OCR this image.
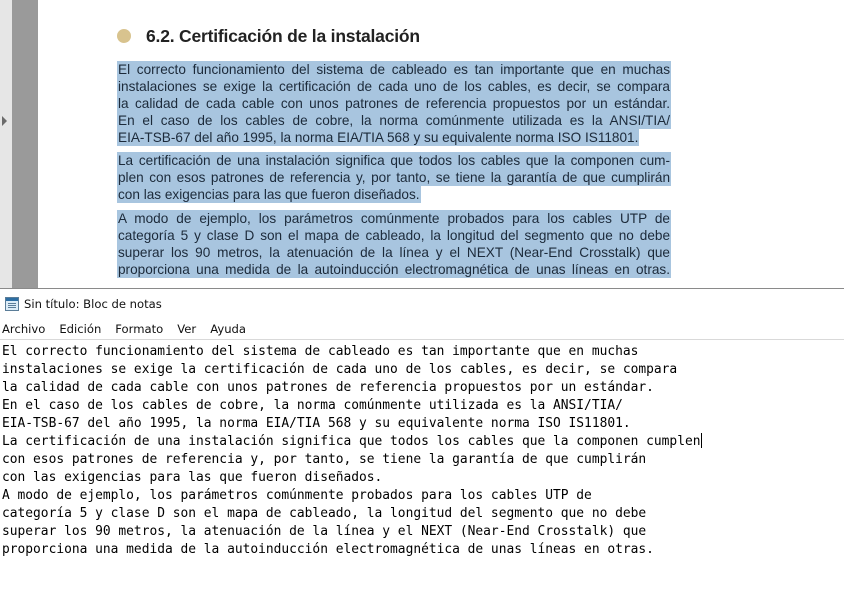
6.2. Certificación de la instalación
El correcto funcionamiento del sistema de cableado es tan importante que en muchas
instalaciones se exige la certificación de cada uno de los cables, es decir, se compara
la calidad de cada cable con unos patrones de referencia propuestos por un estándar.
En el caso de los cables de cobre, la norma comúnmente utilizada es la ANSI/TIA/
EIA-TSB-67 del año 1995, la norma EIA/TIA 568 y su equivalente norma ISO IS11801.
La certificación de una instalación significa que todos los cables que la componen cum-
plen con esos patrones de referencia y, por tanto, se tiene la garantía de que cumplirán
con las exigencias para las que fueron diseñados.
A modo de ejemplo, los parámetros comúnmente probados para los cables UTP de
categoría 5 y clase D son el mapa de cableado, la longitud del segmento que no debe
superar los 90 metros, la atenuación de la línea y el NEXT (Near-End Crosstalk) que
proporciona una medida de la autoinducción electromagnética de unas líneas en otras.
Sin título: Bloc de notas
Archivo Edición Formato Ver Ayuda
El correcto funcionamiento del sistema de cableado es tan importante que en muchas
instalaciones se exige la certificación de cada uno de los cables, es decir, se compara
la calidad de cada cable con unos patrones de referencia propuestos por un estándar.
En el caso de los cables de cobre, la norma comúnmente utilizada es la ANSI/TIA/
EIA-TSB-67 del año 1995, la norma EIA/TIA 568 y su equivalente norma ISO IS11801.
La certificación de una instalación significa que todos los cables que la componen cumplen
con esos patrones de referencia y, por tanto, se tiene la garantía de que cumplirán
con las exigencias para las que fueron diseñados.
A modo de ejemplo, los parámetros comúnmente probados para los cables UTP de
categoría 5 y clase D son el mapa de cableado, la longitud del segmento que no debe
superar los 90 metros, la atenuación de la línea y el NEXT (Near-End Crosstalk) que
proporciona una medida de la autoinducción electromagnética de unas líneas en otras.
